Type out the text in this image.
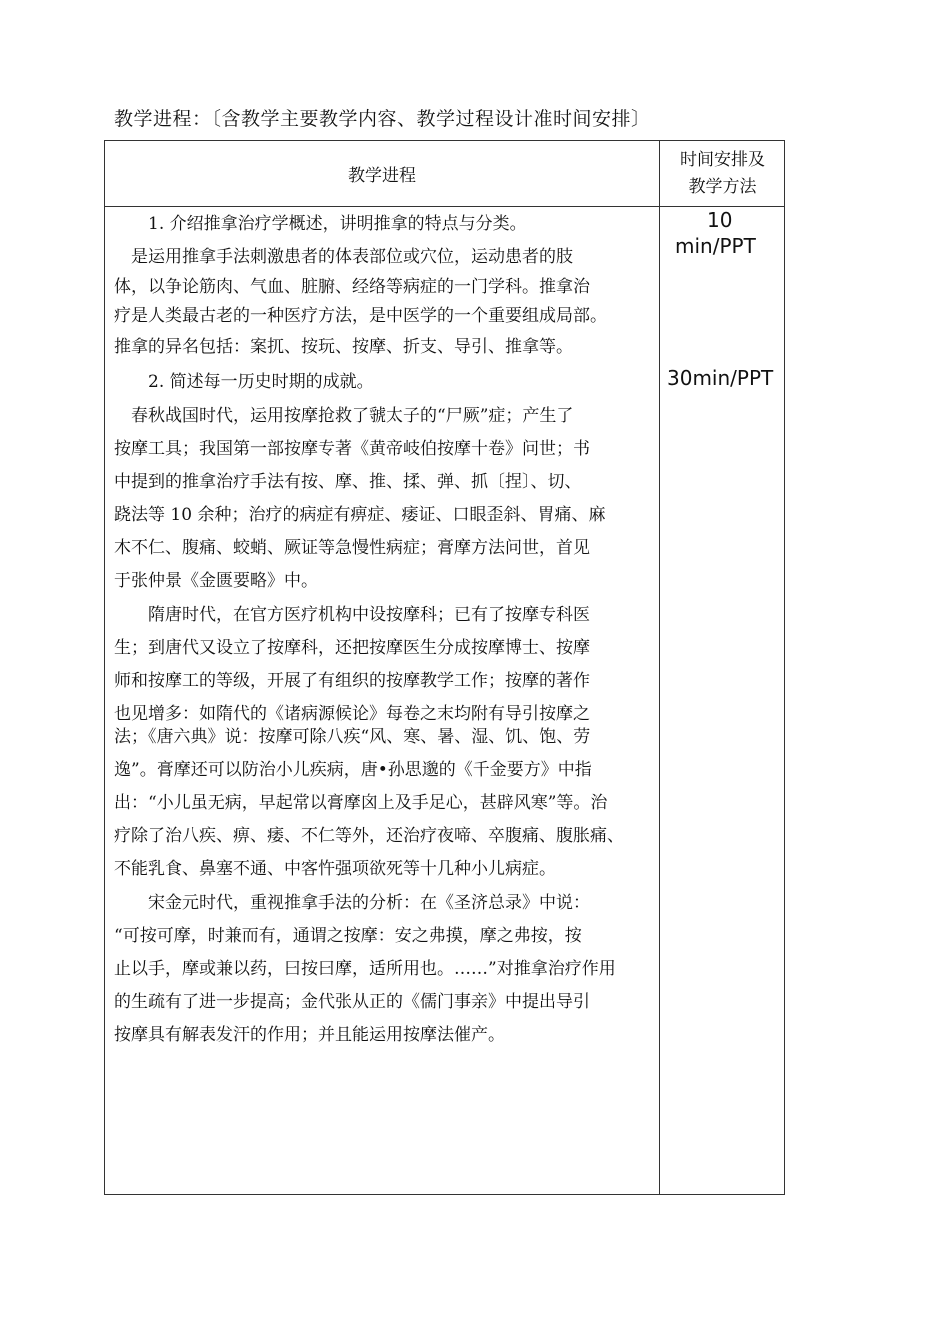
教学进程：〔含教学主要教学内容、教学过程设计准时间安排〕
教学进程
时间安排及
教学方法
10
min/PPT
30min/PPT
　　1. 介绍推拿治疗学概述，讲明推拿的特点与分类。
　是运用推拿手法刺激患者的体表部位或穴位，运动患者的肢
体，以争论筋肉、气血、脏腑、经络等病症的一门学科。推拿治
疗是人类最古老的一种医疗方法，是中医学的一个重要组成局部。
推拿的异名包括：案扤、按玩、按摩、折支、导引、推拿等。
　　2. 简述每一历史时期的成就。
　春秋战国时代，运用按摩抢救了虢太子的“尸厥”症；产生了
按摩工具；我国第一部按摩专著《黄帝岐伯按摩十卷》问世；书
中提到的推拿治疗手法有按、摩、推、揉、弹、抓〔捏〕、切、
跷法等 10 余种；治疗的病症有痹症、痿证、口眼歪斜、胃痛、麻
木不仁、腹痛、蛟蛸、厥证等急慢性病症；膏摩方法问世，首见
于张仲景《金匮要略》中。
　　隋唐时代，在官方医疗机构中设按摩科；已有了按摩专科医
生；到唐代又设立了按摩科，还把按摩医生分成按摩博士、按摩
师和按摩工的等级，开展了有组织的按摩教学工作；按摩的著作
也见增多：如隋代的《诸病源候论》每卷之末均附有导引按摩之
法；《唐六典》说：按摩可除八疾“风、寒、暑、湿、饥、饱、劳
逸”。膏摩还可以防治小儿疾病，唐•孙思邈的《千金要方》中指
出：“小儿虽无病，早起常以膏摩囟上及手足心，甚辟风寒”等。治
疗除了治八疾、痹、痿、不仁等外，还治疗夜啼、卒腹痛、腹胀痛、
不能乳食、鼻塞不通、中客忤强项欲死等十几种小儿病症。
　　宋金元时代，重视推拿手法的分析：在《圣济总录》中说：
“可按可摩，时兼而有，通谓之按摩：安之弗摸，摩之弗按，按
止以手，摩或兼以药，曰按曰摩，适所用也。……”对推拿治疗作用
的生疏有了进一步提高；金代张从正的《儒门事亲》中提出导引
按摩具有解表发汗的作用；并且能运用按摩法催产。
